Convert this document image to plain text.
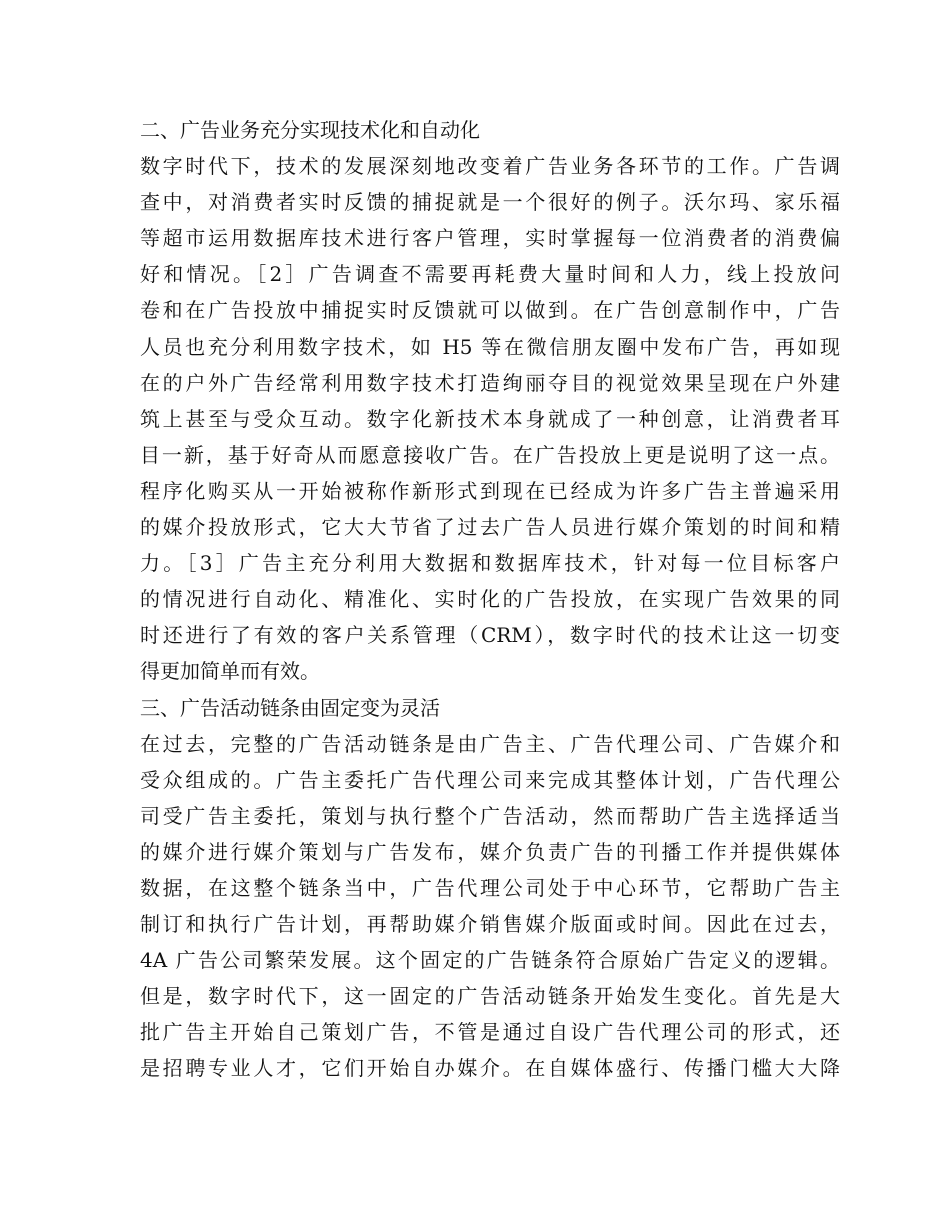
二、广告业务充分实现技术化和自动化
数字时代下，技术的发展深刻地改变着广告业务各环节的工作。广告调
查中，对消费者实时反馈的捕捉就是一个很好的例子。沃尔玛、家乐福
等超市运用数据库技术进行客户管理，实时掌握每一位消费者的消费偏
好和情况。［2］广告调查不需要再耗费大量时间和人力，线上投放问
卷和在广告投放中捕捉实时反馈就可以做到。在广告创意制作中，广告
人员也充分利用数字技术，如 H5 等在微信朋友圈中发布广告，再如现
在的户外广告经常利用数字技术打造绚丽夺目的视觉效果呈现在户外建
筑上甚至与受众互动。数字化新技术本身就成了一种创意，让消费者耳
目一新，基于好奇从而愿意接收广告。在广告投放上更是说明了这一点。
程序化购买从一开始被称作新形式到现在已经成为许多广告主普遍采用
的媒介投放形式，它大大节省了过去广告人员进行媒介策划的时间和精
力。［3］广告主充分利用大数据和数据库技术，针对每一位目标客户
的情况进行自动化、精准化、实时化的广告投放，在实现广告效果的同
时还进行了有效的客户关系管理（CRM），数字时代的技术让这一切变
得更加简单而有效。
三、广告活动链条由固定变为灵活
在过去，完整的广告活动链条是由广告主、广告代理公司、广告媒介和
受众组成的。广告主委托广告代理公司来完成其整体计划，广告代理公
司受广告主委托，策划与执行整个广告活动，然而帮助广告主选择适当
的媒介进行媒介策划与广告发布，媒介负责广告的刊播工作并提供媒体
数据，在这整个链条当中，广告代理公司处于中心环节，它帮助广告主
制订和执行广告计划，再帮助媒介销售媒介版面或时间。因此在过去，
4A 广告公司繁荣发展。这个固定的广告链条符合原始广告定义的逻辑。
但是，数字时代下，这一固定的广告活动链条开始发生变化。首先是大
批广告主开始自己策划广告，不管是通过自设广告代理公司的形式，还
是招聘专业人才，它们开始自办媒介。在自媒体盛行、传播门槛大大降
